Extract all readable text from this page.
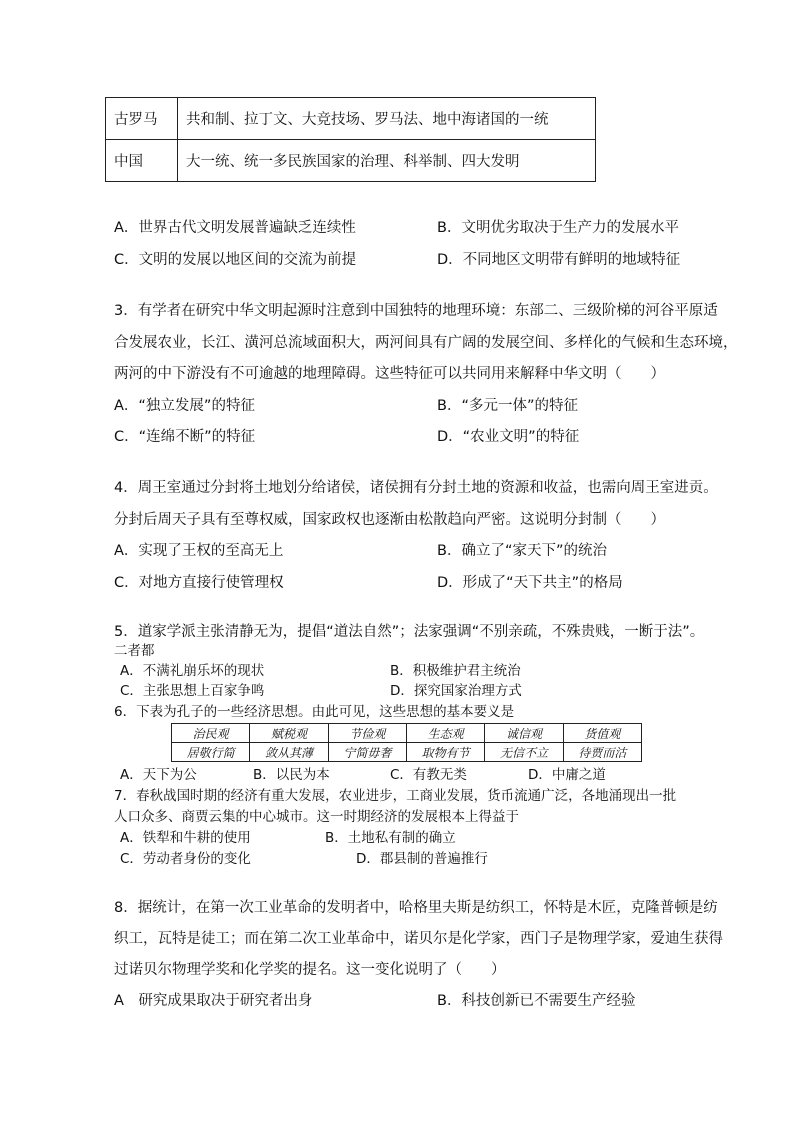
古罗马	共和制、拉丁文、大竞技场、罗马法、地中海诸国的一统
中国	大一统、统一多民族国家的治理、科举制、四大发明
A．世界古代文明发展普遍缺乏连续性	B．文明优劣取决于生产力的发展水平
C．文明的发展以地区间的交流为前提	D．不同地区文明带有鲜明的地域特征
3．有学者在研究中华文明起源时注意到中国独特的地理环境：东部二、三级阶梯的河谷平原适
合发展农业，长江、潢河总流域面积大，两河间具有广阔的发展空间、多样化的气候和生态环境，
两河的中下游没有不可逾越的地理障碍。这些特征可以共同用来解释中华文明（　　）
A．“独立发展”的特征	B．“多元一体”的特征
C．“连绵不断”的特征	D．“农业文明”的特征
4．周王室通过分封将土地划分给诸侯，诸侯拥有分封土地的资源和收益，也需向周王室进贡。
分封后周天子具有至尊权威，国家政权也逐渐由松散趋向严密。这说明分封制（　　）
A．实现了王权的至高无上	B．确立了“家天下”的统治
C．对地方直接行使管理权	D．形成了“天下共主”的格局
5．道家学派主张清静无为，提倡“道法自然”；法家强调“不别亲疏，不殊贵贱，一断于法”。
二者都
A．不满礼崩乐坏的现状	B．积极维护君主统治
C．主张思想上百家争鸣	D．探究国家治理方式
6．下表为孔子的一些经济思想。由此可见，这些思想的基本要义是
治民观	赋税观	节俭观	生态观	诚信观	货值观
居敬行简	敛从其薄	宁简毋奢	取物有节	无信不立	待贾而沽
A．天下为公	B．以民为本	C．有教无类	D．中庸之道
7．春秋战国时期的经济有重大发展，农业进步，工商业发展，货币流通广泛，各地涌现出一批
人口众多、商贾云集的中心城市。这一时期经济的发展根本上得益于
A．铁犁和牛耕的使用	B．土地私有制的确立
C．劳动者身份的变化	D．郡县制的普遍推行
8．据统计，在第一次工业革命的发明者中，哈格里夫斯是纺织工，怀特是木匠，克隆普顿是纺
织工，瓦特是徒工；而在第二次工业革命中，诺贝尔是化学家，西门子是物理学家，爱迪生获得
过诺贝尔物理学奖和化学奖的提名。这一变化说明了（　　）
A　研究成果取决于研究者出身	B．科技创新已不需要生产经验
